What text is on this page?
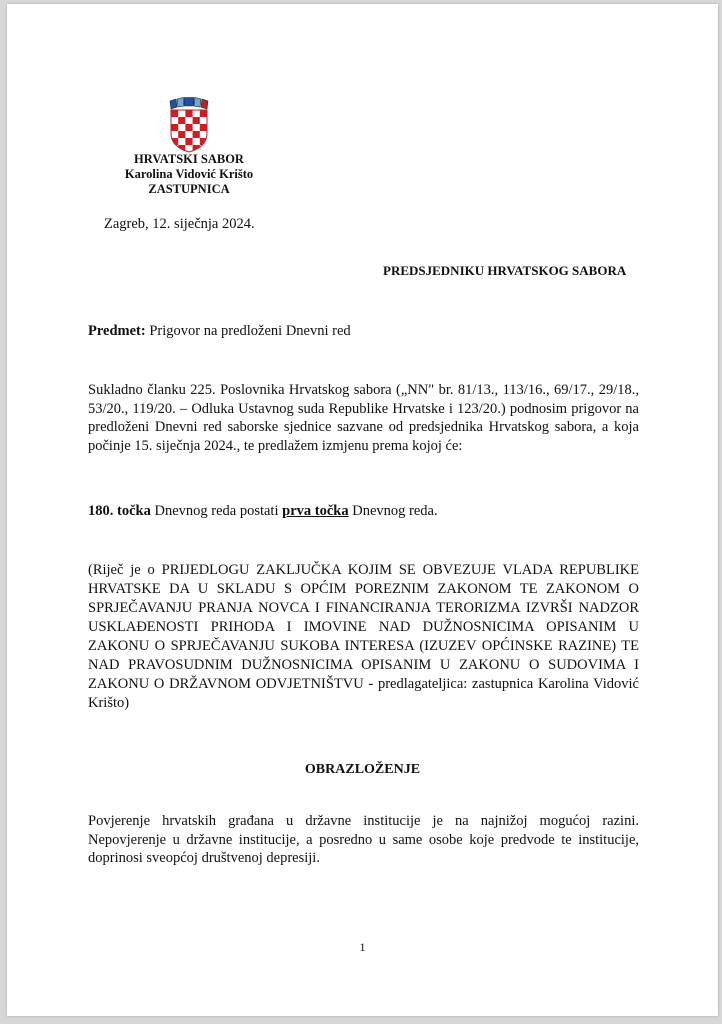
HRVATSKI SABOR
Karolina Vidović Krišto
ZASTUPNICA
Zagreb, 12. siječnja 2024.
PREDSJEDNIKU HRVATSKOG SABORA
Predmet: Prigovor na predloženi Dnevni red
Sukladno članku 225. Poslovnika Hrvatskog sabora („NN" br. 81/13., 113/16., 69/17., 29/18.,
53/20., 119/20. – Odluka Ustavnog suda Republike Hrvatske i 123/20.) podnosim prigovor na
predloženi Dnevni red saborske sjednice sazvane od predsjednika Hrvatskog sabora, a koja
počinje 15. siječnja 2024., te predlažem izmjenu prema kojoj će:
180. točka Dnevnog reda postati prva točka Dnevnog reda.
(Riječ je o PRIJEDLOGU ZAKLJUČKA KOJIM SE OBVEZUJE VLADA REPUBLIKE
HRVATSKE DA U SKLADU S OPĆIM POREZNIM ZAKONOM TE ZAKONOM O
SPRJEČAVANJU PRANJA NOVCA I FINANCIRANJA TERORIZMA IZVRŠI NADZOR
USKLAĐENOSTI PRIHODA I IMOVINE NAD DUŽNOSNICIMA OPISANIM U
ZAKONU O SPRJEČAVANJU SUKOBA INTERESA (IZUZEV OPĆINSKE RAZINE) TE
NAD PRAVOSUDNIM DUŽNOSNICIMA OPISANIM U ZAKONU O SUDOVIMA I
ZAKONU O DRŽAVNOM ODVJETNIŠTVU - predlagateljica: zastupnica Karolina Vidović
Krišto)
OBRAZLOŽENJE
Povjerenje hrvatskih građana u državne institucije je na najnižoj mogućoj razini.
Nepovjerenje u državne institucije, a posredno u same osobe koje predvode te institucije,
doprinosi sveopćoj društvenoj depresiji.
1
